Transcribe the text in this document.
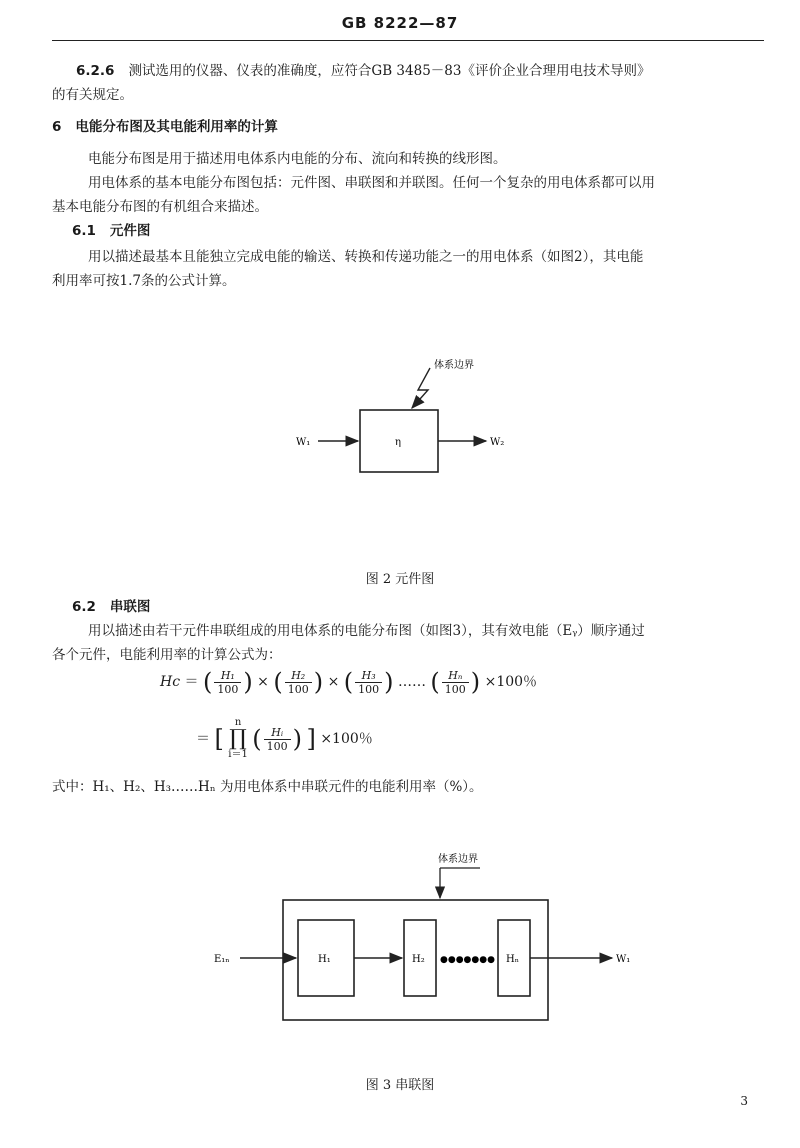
GB 8222—87
6.2.6 测试选用的仪器、仪表的准确度，应符合GB 3485－83《评价企业合理用电技术导则》
的有关规定。
6 电能分布图及其电能利用率的计算
电能分布图是用于描述用电体系内电能的分布、流向和转换的线形图。
用电体系的基本电能分布图包括：元件图、串联图和并联图。任何一个复杂的用电体系都可以用
基本电能分布图的有机组合来描述。
6.1 元件图
用以描述最基本且能独立完成电能的输送、转换和传递功能之一的用电体系（如图2），其电能
利用率可按1.7条的公式计算。
W₁	η	W₂
体系边界
图 2 元件图
6.2 串联图
用以描述由若干元件串联组成的用电体系的电能分布图（如图3），其有效电能（Eᵧ）顺序通过
各个元件，电能利用率的计算公式为：
Hc ＝ ( $\frac{\text{H₁}}{100}$ ) × ( $\frac{\text{H₂}}{100}$ ) × ( $\frac{\text{H₃}}{100}$ ) …… ( $\frac{\text{Hₙ}}{100}$ ) ×100％
＝ [
n
∏
i＝1
( $\frac{\text{Hᵢ}}{100}$ ) ] ×100％
式中：H₁、H₂、H₃……Hₙ 为用电体系中串联元件的电能利用率（%）。
体系边界
E₁ₙ	H₁	H₂	Hₙ
●●●●●●●	W₁
图 3 串联图
3
